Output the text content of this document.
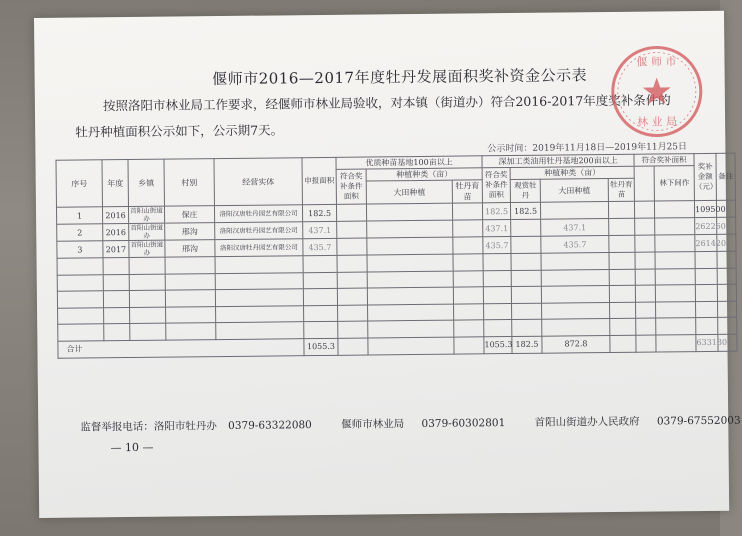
偃师市2016—2017年度牡丹发展面积奖补资金公示表
按照洛阳市林业局工作要求，经偃师市林业局验收，对本镇（街道办）符合2016-2017年度奖补条件的
牡丹种植面积公示如下，公示期7天。
公示时间：2019年11月18日—2019年11月25日
偃 师 市
林 业 局
序号	年度	乡镇	村别	经营实体	申报面积	优质种苗基地100亩以上			深加工类油用牡丹基地200亩以上				符合奖补面积		奖补金额（元）	备注
						符合奖补条件面积	种植种类（亩）		符合奖补条件面积	种植种类（亩）				林下间作		
							大田种植	牡丹育苗		观赏牡丹	大田种植	牡丹育苗				
1	2016	首阳山街道办	保庄	洛阳汉唐牡丹园艺有限公司	182.5				182.5	182.5					109500	
2	2016	首阳山街道办	邢沟	洛阳汉唐牡丹园艺有限公司	437.1				437.1		437.1				262260	
3	2017	首阳山街道办	邢沟	洛阳汉唐牡丹园艺有限公司	435.7				435.7		435.7				261420	

合计					1055.3				1055.3	182.5	872.8				633180	
监督举报电话：洛阳市牡丹办 0379-63322080	偃师市林业局 0379-60302801	首阳山街道办人民政府 0379-67552003
— 10 —
